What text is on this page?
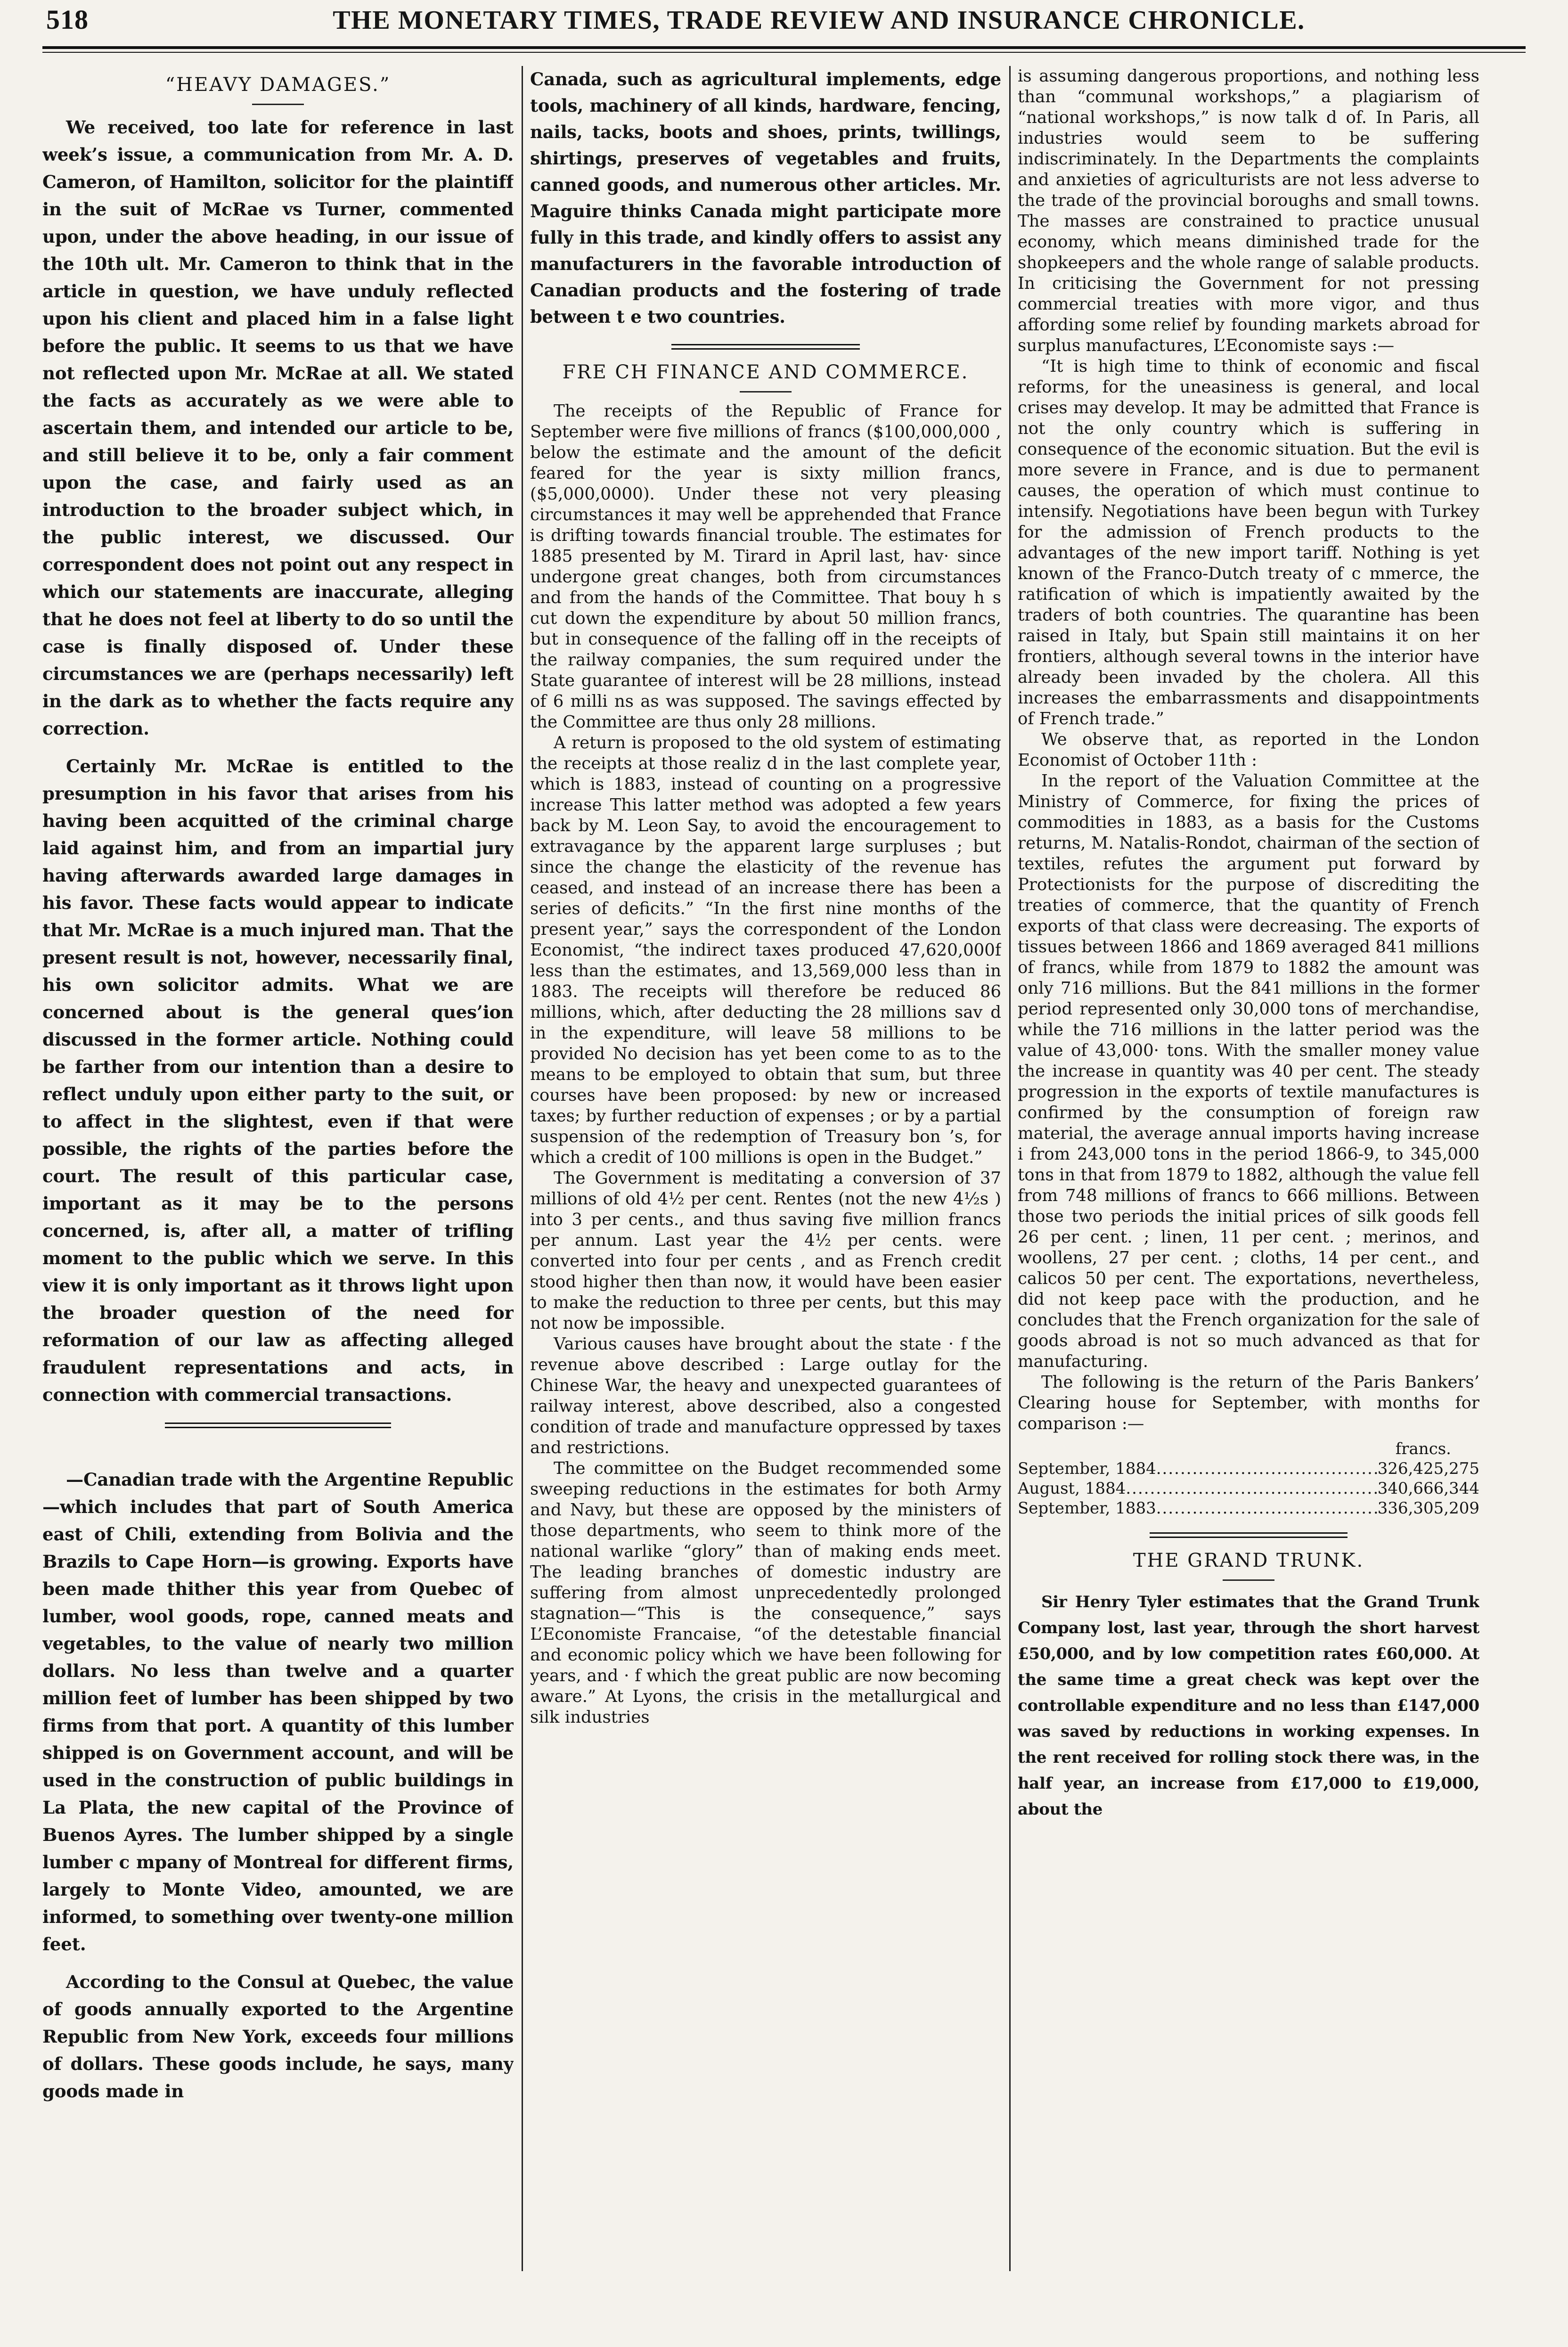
518	THE MONETARY TIMES, TRADE REVIEW AND INSURANCE CHRONICLE.
“HEAVY DAMAGES.”

We received, too late for reference in last week’s issue, a communication from Mr. A. D. Cameron, of Hamilton, solicitor for the plaintiff in the suit of McRae vs Turner, commented upon, under the above heading, in our issue of the 10th ult. Mr. Cameron to think that in the article in question, we have unduly reflected upon his client and placed him in a false light before the public. It seems to us that we have not reflected upon Mr. McRae at all. We stated the facts as accurately as we were able to ascertain them, and intended our article to be, and still believe it to be, only a fair comment upon the case, and fairly used as an introduction to the broader subject which, in the public interest, we discussed. Our correspondent does not point out any respect in which our statements are inaccurate, alleging that he does not feel at liberty to do so until the case is finally disposed of. Under these circumstances we are (perhaps necessarily) left in the dark as to whether the facts require any correction.

Certainly Mr. McRae is entitled to the presumption in his favor that arises from his having been acquitted of the criminal charge laid against him, and from an impartial jury having afterwards awarded large damages in his favor. These facts would appear to indicate that Mr. McRae is a much injured man. That the present result is not, however, necessarily final, his own solicitor admits. What we are concerned about is the general ques’ion discussed in the former article. Nothing could be farther from our intention than a desire to reflect unduly upon either party to the suit, or to affect in the slightest, even if that were possible, the rights of the parties before the court. The result of this particular case, important as it may be to the persons concerned, is, after all, a matter of trifling moment to the public which we serve. In this view it is only important as it throws light upon the broader question of the need for reformation of our law as affecting alleged fraudulent representations and acts, in connection with commercial transactions.

—Canadian trade with the Argentine Republic—which includes that part of South America east of Chili, extending from Bolivia and the Brazils to Cape Horn—is growing. Exports have been made thither this year from Quebec of lumber, wool goods, rope, canned meats and vegetables, to the value of nearly two million dollars. No less than twelve and a quarter million feet of lumber has been shipped by two firms from that port. A quantity of this lumber shipped is on Government account, and will be used in the construction of public buildings in La Plata, the new capital of the Province of Buenos Ayres. The lumber shipped by a single lumber c mpany of Montreal for different firms, largely to Monte Video, amounted, we are informed, to something over twenty-one million feet.

According to the Consul at Quebec, the value of goods annually exported to the Argentine Republic from New York, exceeds four millions of dollars. These goods include, he says, many goods made in

Canada, such as agricultural implements, edge tools, machinery of all kinds, hardware, fencing, nails, tacks, boots and shoes, prints, twillings, shirtings, preserves of vegetables and fruits, canned goods, and numerous other articles. Mr. Maguire thinks Canada might participate more fully in this trade, and kindly offers to assist any manufacturers in the favorable introduction of Canadian products and the fostering of trade between t e two countries.

FRE CH FINANCE AND COMMERCE.

The receipts of the Republic of France for September were five millions of francs ($100,000,000 , below the estimate and the amount of the deficit feared for the year is sixty million francs, ($5,000,0000). Under these not very pleasing circumstances it may well be apprehended that France is drifting towards financial trouble. The estimates for 1885 presented by M. Tirard in April last, hav· since undergone great changes, both from circumstances and from the hands of the Committee. That bouy h s cut down the expenditure by about 50 million francs, but in consequence of the falling off in the receipts of the railway companies, the sum required under the State guarantee of interest will be 28 millions, instead of 6 milli ns as was supposed. The savings effected by the Committee are thus only 28 millions.

A return is proposed to the old system of estimating the receipts at those realiz d in the last complete year, which is 1883, instead of counting on a progressive increase This latter method was adopted a few years back by M. Leon Say, to avoid the encouragement to extravagance by the apparent large surpluses ; but since the change the elasticity of the revenue has ceased, and instead of an increase there has been a series of deficits.” “In the first nine months of the present year,” says the correspondent of the London Economist, “the indirect taxes produced 47,620,000f less than the estimates, and 13,569,000 less than in 1883. The receipts will therefore be reduced 86 millions, which, after deducting the 28 millions sav d in the expenditure, will leave 58 millions to be provided No decision has yet been come to as to the means to be employed to obtain that sum, but three courses have been proposed: by new or increased taxes; by further reduction of expenses ; or by a partial suspension of the redemption of Treasury bon ’s, for which a credit of 100 millions is open in the Budget.”

The Government is meditating a conversion of 37 millions of old 4½ per cent. Rentes (not the new 4½s ) into 3 per cents., and thus saving five million francs per annum. Last year the 4½ per cents. were converted into four per cents , and as French credit stood higher then than now, it would have been easier to make the reduction to three per cents, but this may not now be impossible.

Various causes have brought about the state · f the revenue above described : Large outlay for the Chinese War, the heavy and unexpected guarantees of railway interest, above described, also a congested condition of trade and manufacture oppressed by taxes and restrictions.

The committee on the Budget recommended some sweeping reductions in the estimates for both Army and Navy, but these are opposed by the ministers of those departments, who seem to think more of the national warlike “glory” than of making ends meet. The leading branches of domestic industry are suffering from almost unprecedentedly prolonged stagnation—“This is the consequence,” says L’Economiste Francaise, “of the detestable financial and economic policy which we have been following for years, and · f which the great public are now becoming aware.” At Lyons, the crisis in the metallurgical and silk industries

is assuming dangerous proportions, and nothing less than “communal workshops,” a plagiarism of “national workshops,” is now talk d of. In Paris, all industries would seem to be suffering indiscriminately. In the Departments the complaints and anxieties of agriculturists are not less adverse to the trade of the provincial boroughs and small towns. The masses are constrained to practice unusual economy, which means diminished trade for the shopkeepers and the whole range of salable products. In criticising the Government for not pressing commercial treaties with more vigor, and thus affording some relief by founding markets abroad for surplus manufactures, L’Economiste says :—

“It is high time to think of economic and fiscal reforms, for the uneasiness is general, and local crises may develop. It may be admitted that France is not the only country which is suffering in consequence of the economic situation. But the evil is more severe in France, and is due to permanent causes, the operation of which must continue to intensify. Negotiations have been begun with Turkey for the admission of French products to the advantages of the new import tariff. Nothing is yet known of the Franco-Dutch treaty of c mmerce, the ratification of which is impatiently awaited by the traders of both countries. The quarantine has been raised in Italy, but Spain still maintains it on her frontiers, although several towns in the interior have already been invaded by the cholera. All this increases the embarrassments and disappointments of French trade.”

We observe that, as reported in the London Economist of October 11th :

In the report of the Valuation Committee at the Ministry of Commerce, for fixing the prices of commodities in 1883, as a basis for the Customs returns, M. Natalis-Rondot, chairman of the section of textiles, refutes the argument put forward by Protectionists for the purpose of discrediting the treaties of commerce, that the quantity of French exports of that class were decreasing. The exports of tissues between 1866 and 1869 averaged 841 millions of francs, while from 1879 to 1882 the amount was only 716 millions. But the 841 millions in the former period represented only 30,000 tons of merchandise, while the 716 millions in the latter period was the value of 43,000· tons. With the smaller money value the increase in quantity was 40 per cent. The steady progression in the exports of textile manufactures is confirmed by the consumption of foreign raw material, the average annual imports having increase i from 243,000 tons in the period 1866-9, to 345,000 tons in that from 1879 to 1882, although the value fell from 748 millions of francs to 666 millions. Between those two periods the initial prices of silk goods fell 26 per cent. ; linen, 11 per cent. ; merinos, and woollens, 27 per cent. ; cloths, 14 per cent., and calicos 50 per cent. The exportations, nevertheless, did not keep pace with the production, and he concludes that the French organization for the sale of goods abroad is not so much advanced as that for manufacturing.

The following is the return of the Paris Bankers’ Clearing house for September, with months for comparison :—

francs.
September, 1884 .....	326,425,275
August, 1884 .....	340,666,344
September, 1883 .....	336,305,209
THE GRAND TRUNK.

Sir Henry Tyler estimates that the Grand Trunk Company lost, last year, through the short harvest £50,000, and by low competition rates £60,000. At the same time a great check was kept over the controllable expenditure and no less than £147,000 was saved by reductions in working expenses. In the rent received for rolling stock there was, in the half year, an increase from £17,000 to £19,000, about the
